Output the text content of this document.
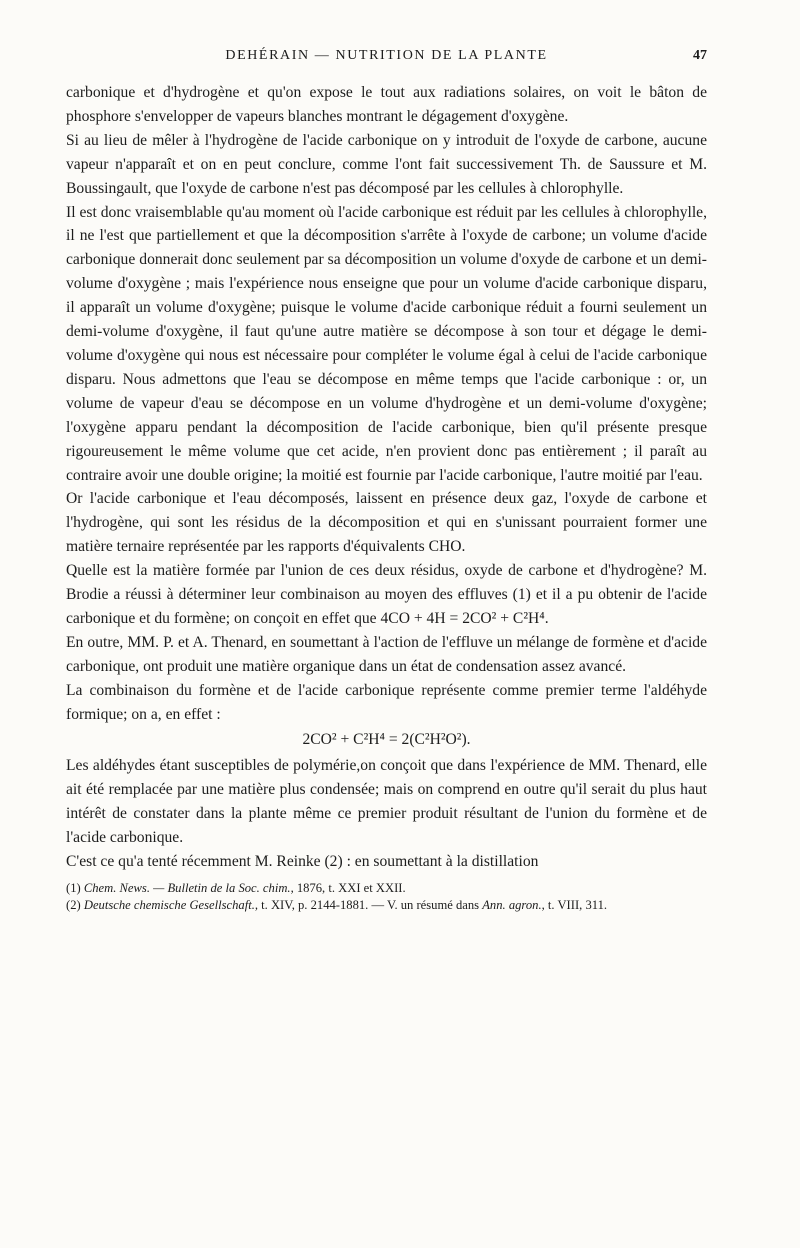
DEHÉRAIN — NUTRITION DE LA PLANTE	47

carbonique et d'hydrogène et qu'on expose le tout aux radiations solaires, on voit le bâton de phosphore s'envelopper de vapeurs blanches montrant le dégagement d'oxygène.

Si au lieu de mêler à l'hydrogène de l'acide carbonique on y introduit de l'oxyde de carbone, aucune vapeur n'apparaît et on en peut conclure, comme l'ont fait successivement Th. de Saussure et M. Boussingault, que l'oxyde de carbone n'est pas décomposé par les cellules à chlorophylle.

Il est donc vraisemblable qu'au moment où l'acide carbonique est réduit par les cellules à chlorophylle, il ne l'est que partiellement et que la décomposition s'arrête à l'oxyde de carbone; un volume d'acide carbonique donnerait donc seulement par sa décomposition un volume d'oxyde de carbone et un demi-volume d'oxygène ; mais l'expérience nous enseigne que pour un volume d'acide carbonique disparu, il apparaît un volume d'oxygène; puisque le volume d'acide carbonique réduit a fourni seulement un demi-volume d'oxygène, il faut qu'une autre matière se décompose à son tour et dégage le demi-volume d'oxygène qui nous est nécessaire pour compléter le volume égal à celui de l'acide carbonique disparu. Nous admettons que l'eau se décompose en même temps que l'acide carbonique : or, un volume de vapeur d'eau se décompose en un volume d'hydrogène et un demi-volume d'oxygène; l'oxygène apparu pendant la décomposition de l'acide carbonique, bien qu'il présente presque rigoureusement le même volume que cet acide, n'en provient donc pas entièrement ; il paraît au contraire avoir une double origine; la moitié est fournie par l'acide carbonique, l'autre moitié par l'eau.

Or l'acide carbonique et l'eau décomposés, laissent en présence deux gaz, l'oxyde de carbone et l'hydrogène, qui sont les résidus de la décomposition et qui en s'unissant pourraient former une matière ternaire représentée par les rapports d'équivalents CHO.

Quelle est la matière formée par l'union de ces deux résidus, oxyde de carbone et d'hydrogène? M. Brodie a réussi à déterminer leur combinaison au moyen des effluves (1) et il a pu obtenir de l'acide carbonique et du formène; on conçoit en effet que 4CO + 4H = 2CO² + C²H⁴.

En outre, MM. P. et A. Thenard, en soumettant à l'action de l'effluve un mélange de formène et d'acide carbonique, ont produit une matière organique dans un état de condensation assez avancé.

La combinaison du formène et de l'acide carbonique représente comme premier terme l'aldéhyde formique; on a, en effet :

2CO² + C²H⁴ = 2(C²H²O²).

Les aldéhydes étant susceptibles de polymérie,on conçoit que dans l'expérience de MM. Thenard, elle ait été remplacée par une matière plus condensée; mais on comprend en outre qu'il serait du plus haut intérêt de constater dans la plante même ce premier produit résultant de l'union du formène et de l'acide carbonique.

C'est ce qu'a tenté récemment M. Reinke (2) : en soumettant à la distillation

(1) Chem. News. — Bulletin de la Soc. chim., 1876, t. XXI et XXII.

(2) Deutsche chemische Gesellschaft., t. XIV, p. 2144-1881. — V. un résumé dans Ann. agron., t. VIII, 311.
